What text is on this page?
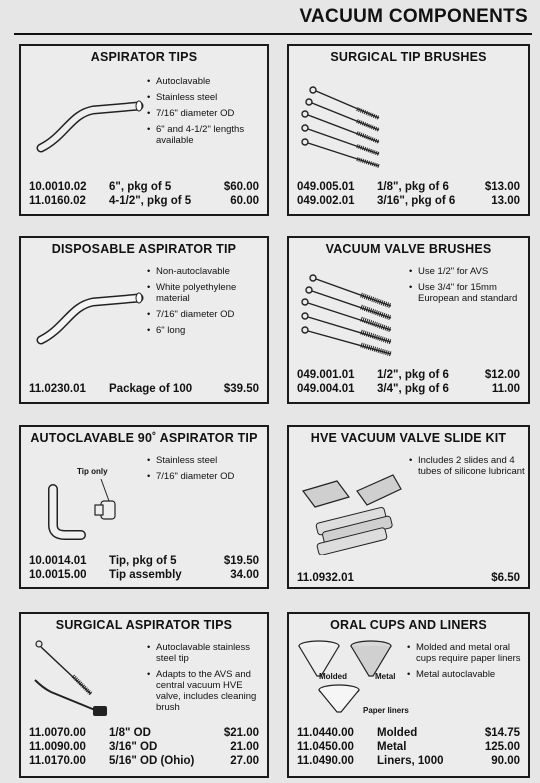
VACUUM COMPONENTS
ASPIRATOR TIPS
• Autoclavable
• Stainless steel
• 7/16" diameter OD
• 6" and 4-1/2" lengths available
10.0010.02	6", pkg of 5	$60.00
11.0160.02	4-1/2", pkg of 5	60.00
SURGICAL TIP BRUSHES
049.005.01	1/8", pkg of 6	$13.00
049.002.01	3/16", pkg of 6	13.00
DISPOSABLE ASPIRATOR TIP
• Non-autoclavable
• White polyethylene material
• 7/16" diameter OD
• 6" long
11.0230.01	Package of 100	$39.50
VACUUM VALVE BRUSHES
• Use 1/2" for AVS
• Use 3/4" for 15mm European and standard
049.001.01	1/2", pkg of 6	$12.00
049.004.01	3/4", pkg of 6	11.00
AUTOCLAVABLE 90˚ ASPIRATOR TIP
Tip only
• Stainless steel
• 7/16" diameter OD
10.0014.01	Tip, pkg of 5	$19.50
10.0015.00	Tip assembly	34.00
HVE VACUUM VALVE SLIDE KIT
• Includes 2 slides and 4 tubes of silicone lubricant
11.0932.01	$6.50
SURGICAL ASPIRATOR TIPS
• Autoclavable stainless steel tip
• Adapts to the AVS and central vacuum HVE valve, includes cleaning brush
11.0070.00	1/8" OD	$21.00
11.0090.00	3/16" OD	21.00
11.0170.00	5/16" OD (Ohio)	27.00
ORAL CUPS AND LINERS
Molded	Metal
Paper liners
• Molded and metal oral cups require paper liners
• Metal autoclavable
11.0440.00	Molded	$14.75
11.0450.00	Metal	125.00
11.0490.00	Liners, 1000	90.00
